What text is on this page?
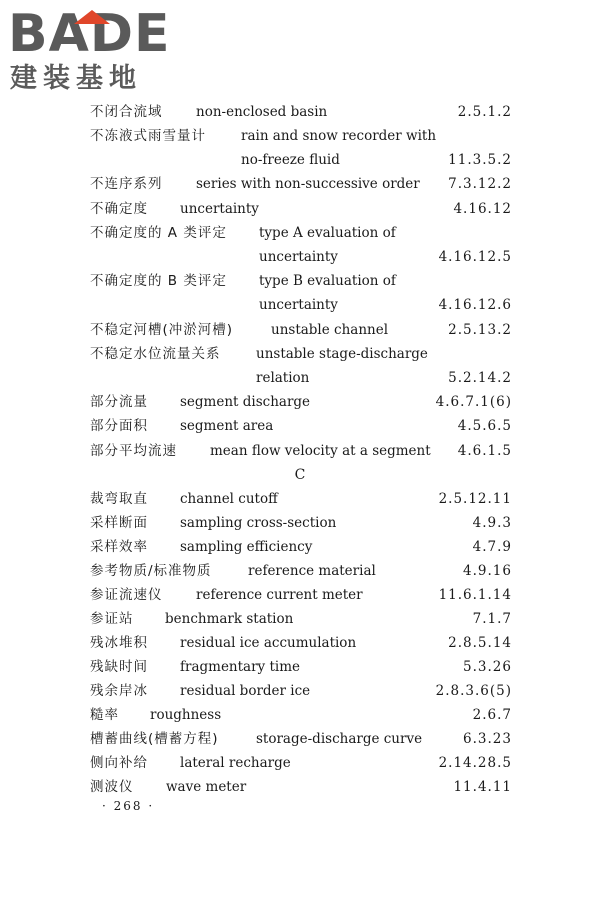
BADE
建装基地
不闭合流域 non-enclosed basin	2.5.1.2
不冻液式雨雪量计	rain and snow recorder with
no-freeze fluid	11.3.5.2
不连序系列 series with non-successive order 7.3.12.2
不确定度 uncertainty	4.16.12
不确定度的 A 类评定 type A evaluation of
uncertainty	4.16.12.5
不确定度的 B 类评定 type B evaluation of
uncertainty	4.16.12.6
不稳定河槽(冲淤河槽)	unstable channel	2.5.13.2
不稳定水位流量关系	unstable stage-discharge
relation	5.2.14.2
部分流量 segment discharge	4.6.7.1(6)
部分面积 segment area	4.5.6.5
部分平均流速 mean flow velocity at a segment 4.6.1.5
C
裁弯取直 channel cutoff	2.5.12.11
采样断面 sampling cross-section	4.9.3
采样效率 sampling efficiency	4.7.9
参考物质/标准物质	reference material	4.9.16
参证流速仪 reference current meter	11.6.1.14
参证站 benchmark station	7.1.7
残冰堆积 residual ice accumulation	2.8.5.14
残缺时间 fragmentary time	5.3.26
残余岸冰 residual border ice	2.8.3.6(5)
糙率 roughness	2.6.7
槽蓄曲线(槽蓄方程)	storage-discharge curve	6.3.23
侧向补给 lateral recharge	2.14.28.5
测波仪 wave meter	11.4.11
· 268 ·
